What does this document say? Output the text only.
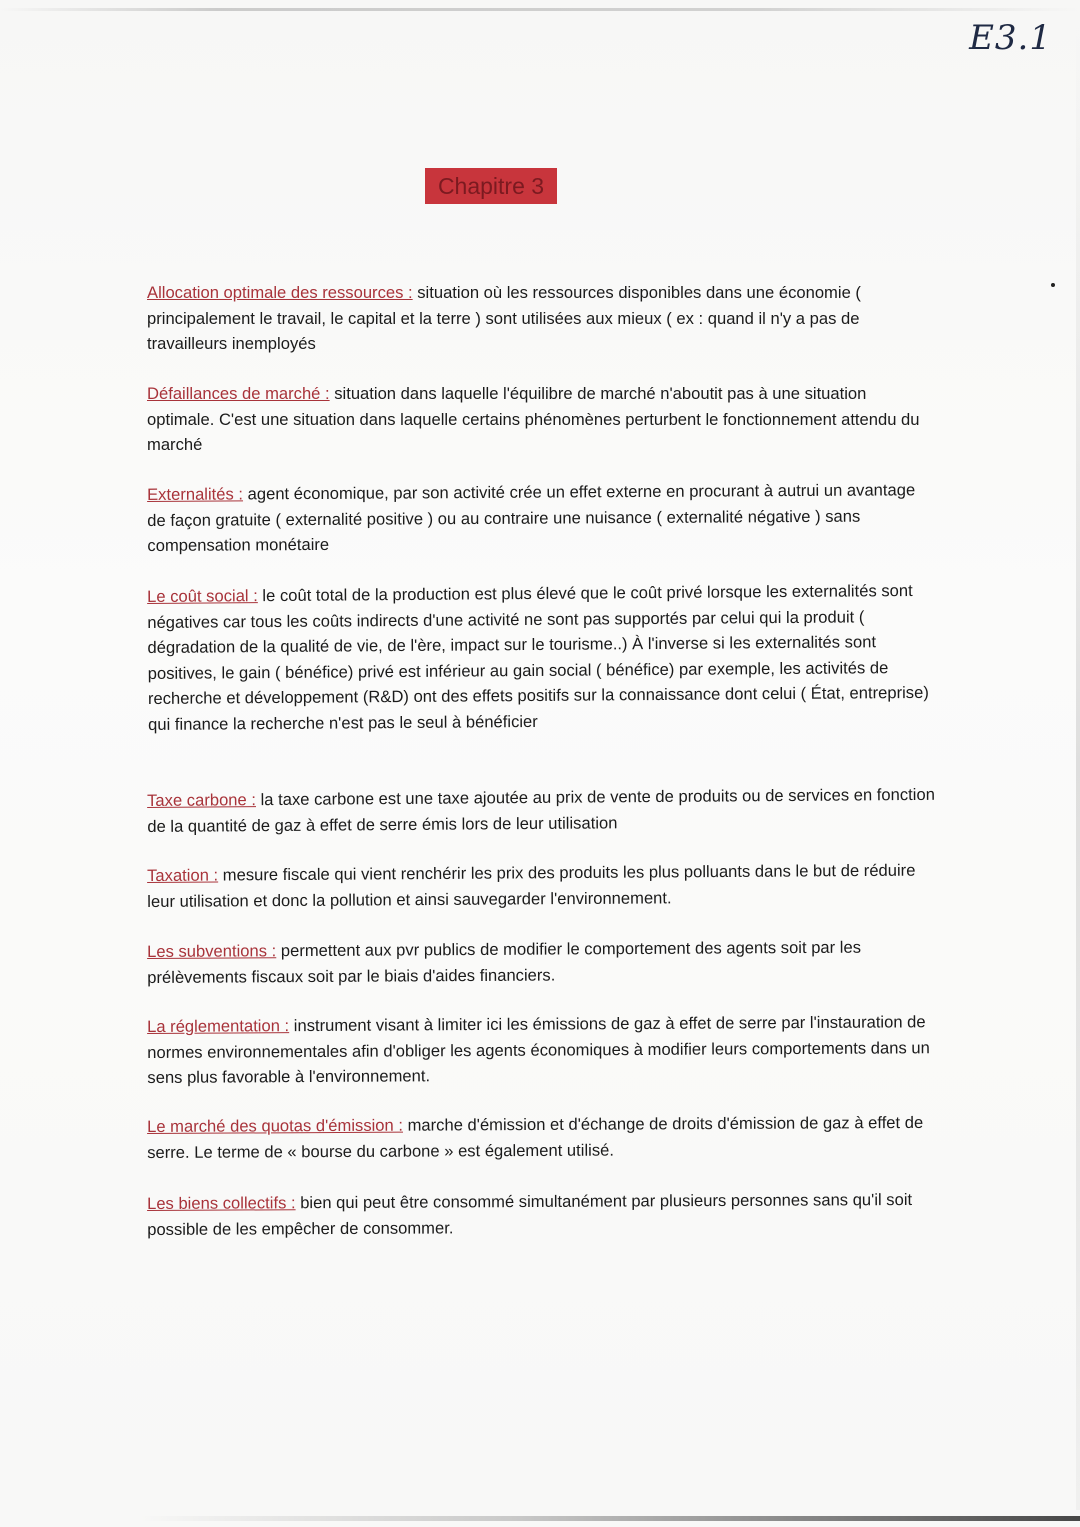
E3.1
Chapitre 3

Allocation optimale des ressources : situation où les ressources disponibles dans une économie ( principalement le travail, le capital et la terre ) sont utilisées aux mieux ( ex : quand il n'y a pas de travailleurs inemployés

Défaillances de marché : situation dans laquelle l'équilibre de marché n'aboutit pas à une situation optimale. C'est une situation dans laquelle certains phénomènes perturbent le fonctionnement attendu du marché

Externalités : agent économique, par son activité crée un effet externe en procurant à autrui un avantage de façon gratuite ( externalité positive ) ou au contraire une nuisance ( externalité négative ) sans compensation monétaire

Le coût social : le coût total de la production est plus élevé que le coût privé lorsque les externalités sont négatives car tous les coûts indirects d'une activité ne sont pas supportés par celui qui la produit ( dégradation de la qualité de vie, de l'ère, impact sur le tourisme..) À l'inverse si les externalités sont positives, le gain ( bénéfice) privé est inférieur au gain social ( bénéfice) par exemple, les activités de recherche et développement (R&D) ont des effets positifs sur la connaissance dont celui ( État, entreprise) qui finance la recherche n'est pas le seul à bénéficier

Taxe carbone : la taxe carbone est une taxe ajoutée au prix de vente de produits ou de services en fonction de la quantité de gaz à effet de serre émis lors de leur utilisation

Taxation : mesure fiscale qui vient renchérir les prix des produits les plus polluants dans le but de réduire leur utilisation et donc la pollution et ainsi sauvegarder l'environnement.

Les subventions : permettent aux pvr publics de modifier le comportement des agents soit par les prélèvements fiscaux soit par le biais d'aides financiers.

La réglementation : instrument visant à limiter ici les émissions de gaz à effet de serre par l'instauration de normes environnementales afin d'obliger les agents économiques à modifier leurs comportements dans un sens plus favorable à l'environnement.

Le marché des quotas d'émission : marche d'émission et d'échange de droits d'émission de gaz à effet de serre. Le terme de « bourse du carbone » est également utilisé.

Les biens collectifs : bien qui peut être consommé simultanément par plusieurs personnes sans qu'il soit possible de les empêcher de consommer.
